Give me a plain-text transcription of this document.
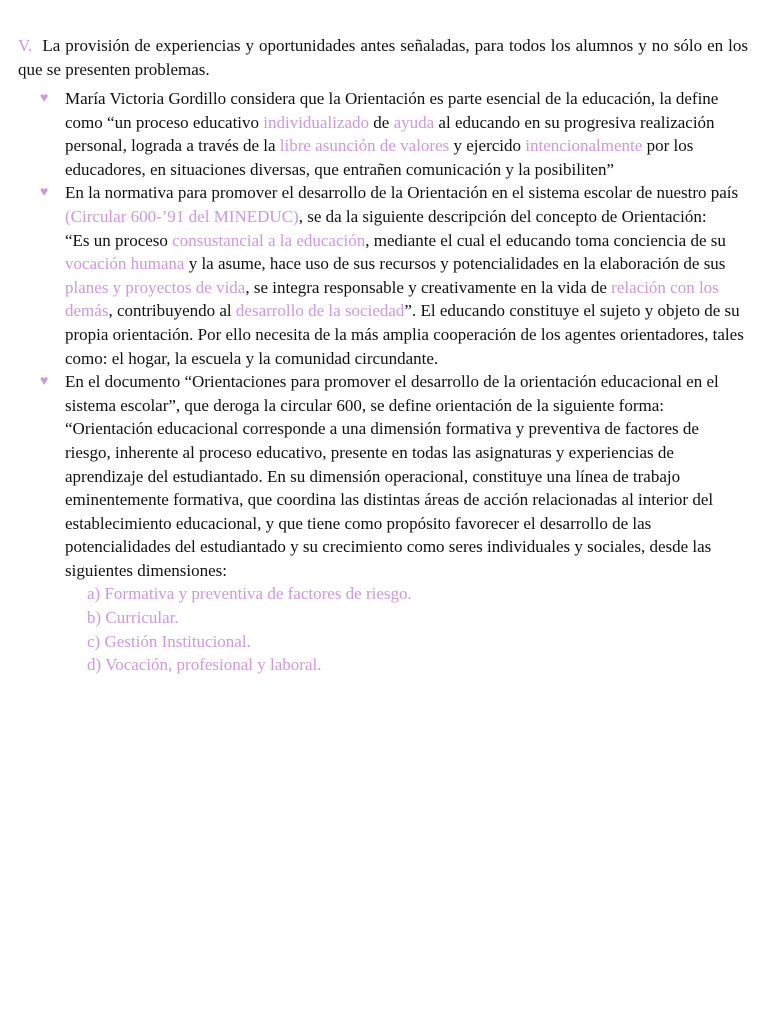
V. La provisión de experiencias y oportunidades antes señaladas, para todos los alumnos y no sólo en los que se presenten problemas.

♥ María Victoria Gordillo considera que la Orientación es parte esencial de la educación, la define como “un proceso educativo individualizado de ayuda al educando en su progresiva realización personal, lograda a través de la libre asunción de valores y ejercido intencionalmente por los educadores, en situaciones diversas, que entrañen comunicación y la posibiliten”

♥ En la normativa para promover el desarrollo de la Orientación en el sistema escolar de nuestro país (Circular 600-’91 del MINEDUC), se da la siguiente descripción del concepto de Orientación:

“Es un proceso consustancial a la educación, mediante el cual el educando toma conciencia de su vocación humana y la asume, hace uso de sus recursos y potencialidades en la elaboración de sus planes y proyectos de vida, se integra responsable y creativamente en la vida de relación con los demás, contribuyendo al desarrollo de la sociedad”. El educando constituye el sujeto y objeto de su propia orientación. Por ello necesita de la más amplia cooperación de los agentes orientadores, tales como: el hogar, la escuela y la comunidad circundante.

♥ En el documento “Orientaciones para promover el desarrollo de la orientación educacional en el sistema escolar”, que deroga la circular 600, se define orientación de la siguiente forma:

“Orientación educacional corresponde a una dimensión formativa y preventiva de factores de riesgo, inherente al proceso educativo, presente en todas las asignaturas y experiencias de aprendizaje del estudiantado. En su dimensión operacional, constituye una línea de trabajo eminentemente formativa, que coordina las distintas áreas de acción relacionadas al interior del establecimiento educacional, y que tiene como propósito favorecer el desarrollo de las potencialidades del estudiantado y su crecimiento como seres individuales y sociales, desde las siguientes dimensiones:

a) Formativa y preventiva de factores de riesgo.
b) Curricular.
c) Gestión Institucional.
d) Vocación, profesional y laboral.
